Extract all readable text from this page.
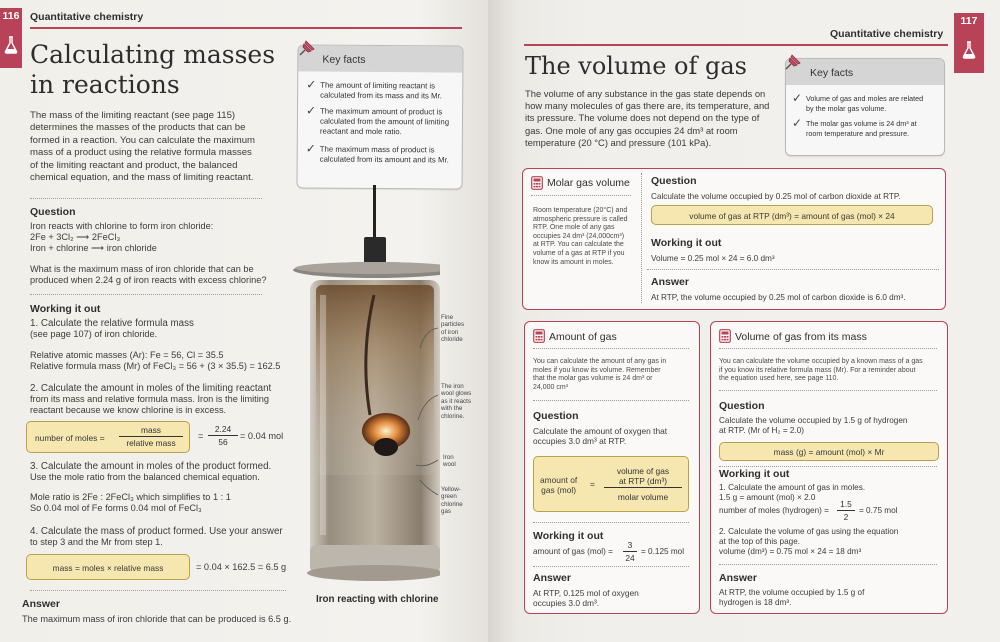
116 Quantitative chemistry
Calculating masses
in reactions
The mass of the limiting reactant (see page 115)
determines the masses of the products that can be
formed in a reaction. You can calculate the maximum
mass of a product using the relative formula masses
of the limiting reactant and product, the balanced
chemical equation, and the mass of limiting reactant.
Key facts
✓ The amount of limiting reactant is
calculated from its mass and its Mr.
✓ The maximum amount of product is
calculated from the amount of limiting
reactant and mole ratio.
✓ The maximum mass of product is
calculated from its amount and its Mr.
Question
Iron reacts with chlorine to form iron chloride:
2Fe + 3Cl₂ ⟶ 2FeCl₃
Iron + chlorine ⟶ iron chloride
What is the maximum mass of iron chloride that can be
produced when 2.24 g of iron reacts with excess chlorine?
Working it out
1. Calculate the relative formula mass
(see page 107) of iron chloride.
Relative atomic masses (Ar): Fe = 56, Cl = 35.5
Relative formula mass (Mr) of FeCl₃ = 56 + (3 × 35.5) = 162.5
2. Calculate the amount in moles of the limiting reactant
from its mass and relative formula mass. Iron is the limiting
reactant because we know chlorine is in excess.
number of moles =
mass
relative mass
=
2.24
56
= 0.04 mol
3. Calculate the amount in moles of the product formed.
Use the mole ratio from the balanced chemical equation.
Mole ratio is 2Fe : 2FeCl₃ which simplifies to 1 : 1
So 0.04 mol of Fe forms 0.04 mol of FeCl₃
4. Calculate the mass of product formed. Use your answer
to step 3 and the Mr from step 1.
mass = moles × relative mass	= 0.04 × 162.5 = 6.5 g
Answer
The maximum mass of iron chloride that can be produced is 6.5 g.
Fine
particles
of iron
chloride
The iron
wool glows
as it reacts
with the
chlorine.
Iron
wool
Yellow-
green
chlorine
gas
Iron reacting with chlorine
117
Quantitative chemistry
The volume of gas
The volume of any substance in the gas state depends on
how many molecules of gas there are, its temperature, and
its pressure. The volume does not depend on the type of
gas. One mole of any gas occupies 24 dm³ at room
temperature (20 °C) and pressure (101 kPa).
Key facts
✓ Volume of gas and moles are related
by the molar gas volume.
✓ The molar gas volume is 24 dm³ at
room temperature and pressure.
Molar gas volume
Room temperature (20°C) and
atmospheric pressure is called
RTP. One mole of any gas
occupies 24 dm³ (24,000cm³)
at RTP. You can calculate the
volume of a gas at RTP if you
know its amount in moles.
Question
Calculate the volume occupied by 0.25 mol of carbon dioxide at RTP.
volume of gas at RTP (dm³) = amount of gas (mol) × 24
Working it out
Volume = 0.25 mol × 24 = 6.0 dm³
Answer
At RTP, the volume occupied by 0.25 mol of carbon dioxide is 6.0 dm³.
Amount of gas
You can calculate the amount of any gas in
moles if you know its volume. Remember
that the molar gas volume is 24 dm³ or
24,000 cm³
Question
Calculate the amount of oxygen that
occupies 3.0 dm³ at RTP.
amount of
gas (mol)
=
volume of gas
at RTP (dm³)
molar volume
Working it out
amount of gas (mol) =
3
24
= 0.125 mol
Answer
At RTP, 0.125 mol of oxygen
occupies 3.0 dm³.
Volume of gas from its mass
You can calculate the volume occupied by a known mass of a gas
if you know its relative formula mass (Mr). For a reminder about
the equation used here, see page 110.
Question
Calculate the volume occupied by 1.5 g of hydrogen
at RTP. (Mr of H₂ = 2.0)
mass (g) = amount (mol) × Mr
Working it out
1. Calculate the amount of gas in moles.
1.5 g = amount (mol) × 2.0
number of moles (hydrogen) =
1.5
2
= 0.75 mol
2. Calculate the volume of gas using the equation
at the top of this page.
volume (dm³) = 0.75 mol × 24 = 18 dm³
Answer
At RTP, the volume occupied by 1.5 g of
hydrogen is 18 dm³.
